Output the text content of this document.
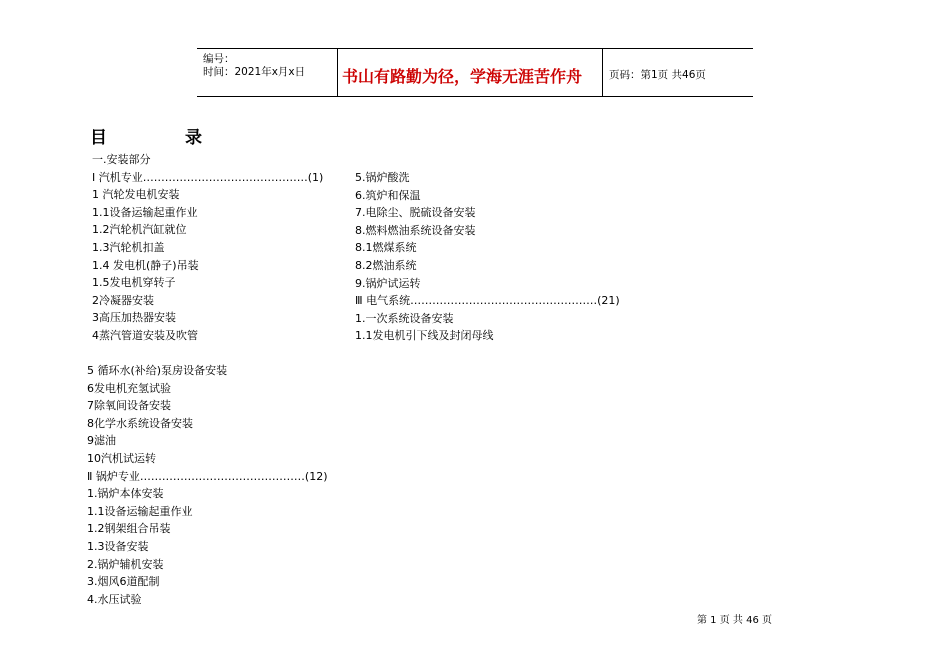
编号：
时间：2021年x月x日 书山有路勤为径，学海无涯苦作舟	页码：第1页 共46页
目	录
一.安装部分
Ⅰ 汽机专业………………………………………(1)
1 汽轮发电机安装
1.1设备运输起重作业
1.2汽轮机汽缸就位
1.3汽轮机扣盖
1.4 发电机(静子)吊装
1.5发电机穿转子
2冷凝器安装
3高压加热器安装
4蒸汽管道安装及吹管
5 循环水(补给)泵房设备安装
6发电机充氢试验
7除氧间设备安装
8化学水系统设备安装
9滤油
10汽机试运转
Ⅱ 锅炉专业………………………………………(12)
1.锅炉本体安装
1.1设备运输起重作业
1.2钢架组合吊装
1.3设备安装
2.锅炉辅机安装
3.烟风6道配制
4.水压试验
5.锅炉酸洗
6.筑炉和保温
7.电除尘、脱硫设备安装
8.燃料燃油系统设备安装
8.1燃煤系统
8.2燃油系统
9.锅炉试运转
Ⅲ 电气系统……………………………………………(21)
1.一次系统设备安装
1.1发电机引下线及封闭母线
第 1 页 共 46 页
